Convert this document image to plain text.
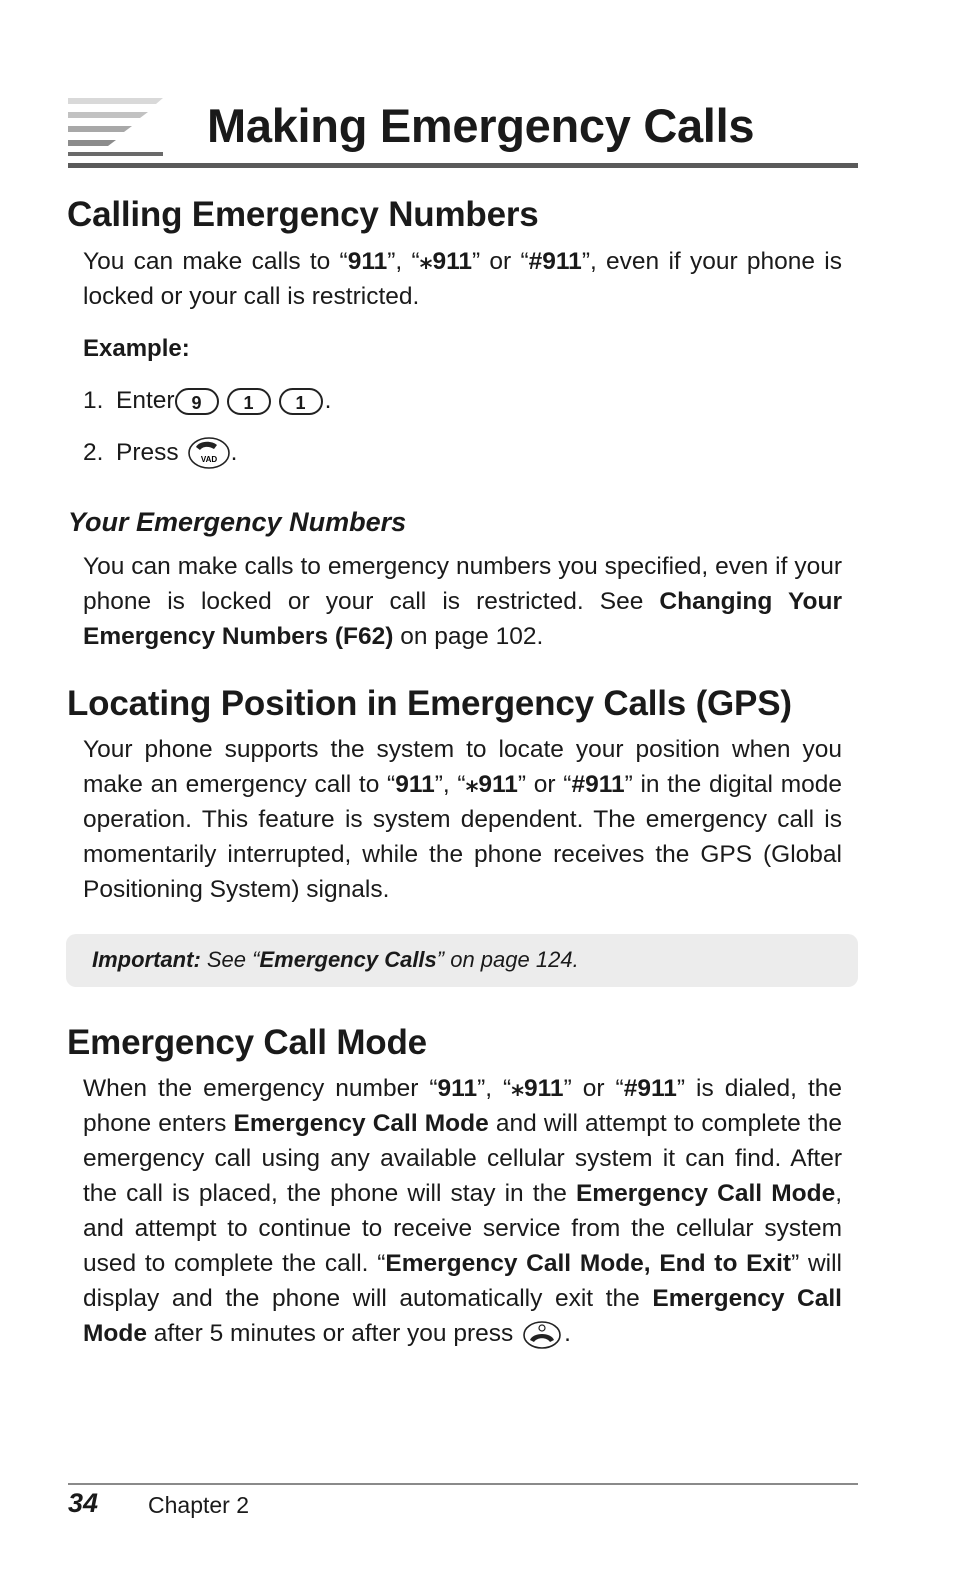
Making Emergency Calls
Calling Emergency Numbers

You can make calls to “911”, “⁎911” or “#911”, even if your phone is locked or your call is restricted.

Example:

1. Enter 9	1	1 .
2. Press	VAD .
Your Emergency Numbers

You can make calls to emergency numbers you specified, even if your phone is locked or your call is restricted. See Changing Your Emergency Numbers (F62) on page 102.

Locating Position in Emergency Calls (GPS)

Your phone supports the system to locate your position when you make an emergency call to “911”, “⁎911” or “#911” in the digital mode operation. This feature is system dependent. The emergency call is momentarily interrupted, while the phone receives the GPS (Global Positioning System) signals.

Important: See “Emergency Calls” on page 124.

Emergency Call Mode

When the emergency number “911”, “⁎911” or “#911” is dialed, the phone enters Emergency Call Mode and will attempt to complete the emergency call using any available cellular system it can find. After the call is placed, the phone will stay in the Emergency Call Mode, and attempt to continue to receive service from the cellular system used to complete the call. “Emergency Call Mode, End to Exit” will display and the phone will automatically exit the Emergency Call Mode after 5 minutes or after you press .

34 Chapter 2
